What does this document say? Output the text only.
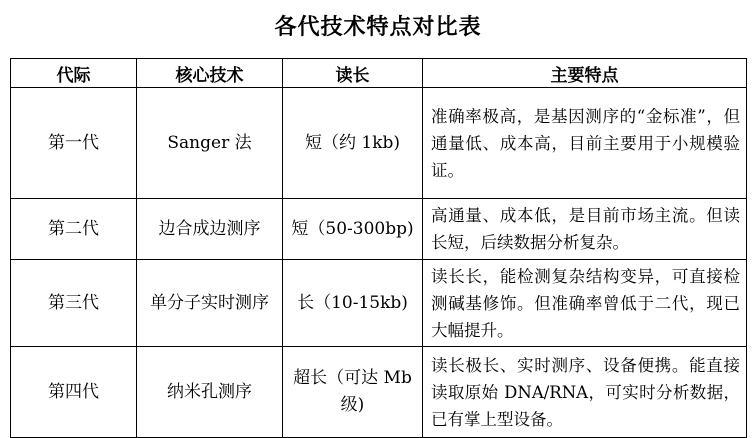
各代技术特点对比表
代际	核心技术	读长	主要特点
第一代	Sanger 法	短（约 1kb)	准确率极高，是基因测序的“金标准”，但通量低、成本高，目前主要用于小规模验证。
第二代	边合成边测序	短（50-300bp)	高通量、成本低，是目前市场主流。但读长短，后续数据分析复杂。
第三代	单分子实时测序	长（10-15kb)	读长长，能检测复杂结构变异，可直接检测碱基修饰。但准确率曾低于二代，现已大幅提升。
第四代	纳米孔测序	超长（可达 Mb 级)	读长极长、实时测序、设备便携。能直接读取原始 DNA/RNA，可实时分析数据，已有掌上型设备。
